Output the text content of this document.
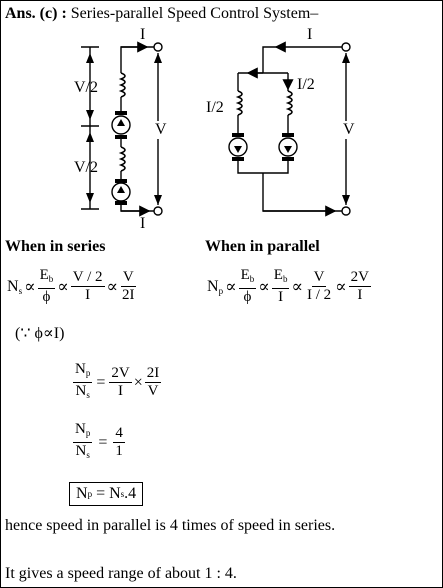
Ans. (c) : Series-parallel Speed Control System–
I
V/2
V/2
V
I
I
I/2
I/2
V
When in series	When in parallel
$N_s \propto \frac{E_b}{\phi} \propto \frac{V / 2}{I} \propto \frac{V}{2I}$	$N_p \propto \frac{E_b}{\phi} \propto \frac{E_b}{I} \propto \frac{V}{I / 2} \propto \frac{2V}{I}$
(∵ ϕ∝I)
$\frac{N_p}{N_s} = \frac{2V}{I} \times \frac{2I}{V}$
$\frac{N_p}{N_s} = \frac{4}{1}$
N p = N s .4
hence speed in parallel is 4 times of speed in series.
It gives a speed range of about 1 : 4.
